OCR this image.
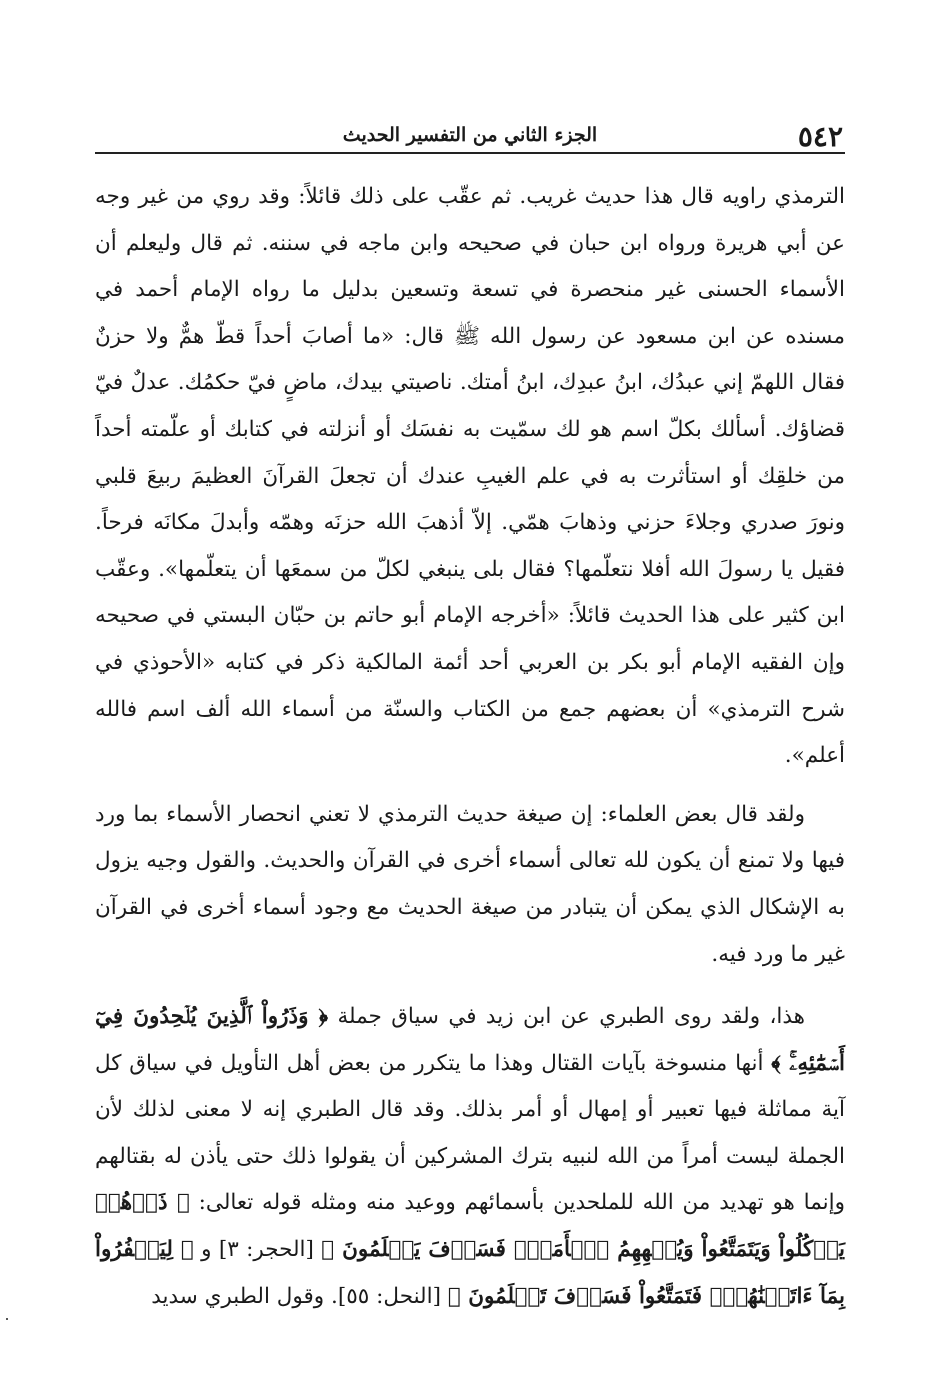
٥٤٢
الجزء الثاني من التفسير الحديث

الترمذي راويه قال هذا حديث غريب. ثم عقّب على ذلك قائلاً: وقد روي من غير وجه عن أبي هريرة ورواه ابن حبان في صحيحه وابن ماجه في سننه. ثم قال وليعلم أن الأسماء الحسنى غير منحصرة في تسعة وتسعين بدليل ما رواه الإمام أحمد في مسنده عن ابن مسعود عن رسول الله ﷺ قال: «ما أصابَ أحداً قطّ همٌّ ولا حزنٌ فقال اللهمّ إني عبدُك، ابنُ عبدِك، ابنُ أمتك. ناصيتي بيدك، ماضٍ فيّ حكمُك. عدلٌ فيّ قضاؤك. أسألك بكلّ اسم هو لك سمّيت به نفسَك أو أنزلته في كتابك أو علّمته أحداً من خلقِك أو استأثرت به في علم الغيبِ عندك أن تجعلَ القرآنَ العظيمَ ربيعَ قلبي ونورَ صدري وجلاءَ حزني وذهابَ همّي. إلاّ أذهبَ الله حزنَه وهمّه وأبدلَ مكانَه فرحاً. فقيل يا رسولَ الله أفلا نتعلّمها؟ فقال بلى ينبغي لكلّ من سمعَها أن يتعلّمها». وعقّب ابن كثير على هذا الحديث قائلاً: «أخرجه الإمام أبو حاتم بن حبّان البستي في صحيحه وإن الفقيه الإمام أبو بكر بن العربي أحد أئمة المالكية ذكر في كتابه «الأحوذي في شرح الترمذي» أن بعضهم جمع من الكتاب والسنّة من أسماء الله ألف اسم فالله أعلم».

ولقد قال بعض العلماء: إن صيغة حديث الترمذي لا تعني انحصار الأسماء بما ورد فيها ولا تمنع أن يكون لله تعالى أسماء أخرى في القرآن والحديث. والقول وجيه يزول به الإشكال الذي يمكن أن يتبادر من صيغة الحديث مع وجود أسماء أخرى في القرآن غير ما ورد فيه.

هذا، ولقد روى الطبري عن ابن زيد في سياق جملة ﴿ وَذَرُواْ ٱلَّذِينَ يُلۡحِدُونَ فِيٓ أَسۡمَٰٓئِهِۦۚ ﴾ أنها منسوخة بآيات القتال وهذا ما يتكرر من بعض أهل التأويل في سياق كل آية مماثلة فيها تعبير أو إمهال أو أمر بذلك. وقد قال الطبري إنه لا معنى لذلك لأن الجملة ليست أمراً من الله لنبيه بترك المشركين أن يقولوا ذلك حتى يأذن له بقتالهم وإنما هو تهديد من الله للملحدين بأسمائهم ووعيد منه ومثله قوله تعالى: ﴿ ذَرۡهُمۡ يَأۡكُلُواْ وَيَتَمَتَّعُواْ وَيُلۡهِهِمُ ٱلۡأَمَلُۖ فَسَوۡفَ يَعۡلَمُونَ ﴾ [الحجر: ٣] و ﴿ لِيَكۡفُرُواْ بِمَآ ءَاتَيۡنَٰهُمۡۚ فَتَمَتَّعُواْ فَسَوۡفَ تَعۡلَمُونَ ﴾ [النحل: ٥٥]. وقول الطبري سديد
